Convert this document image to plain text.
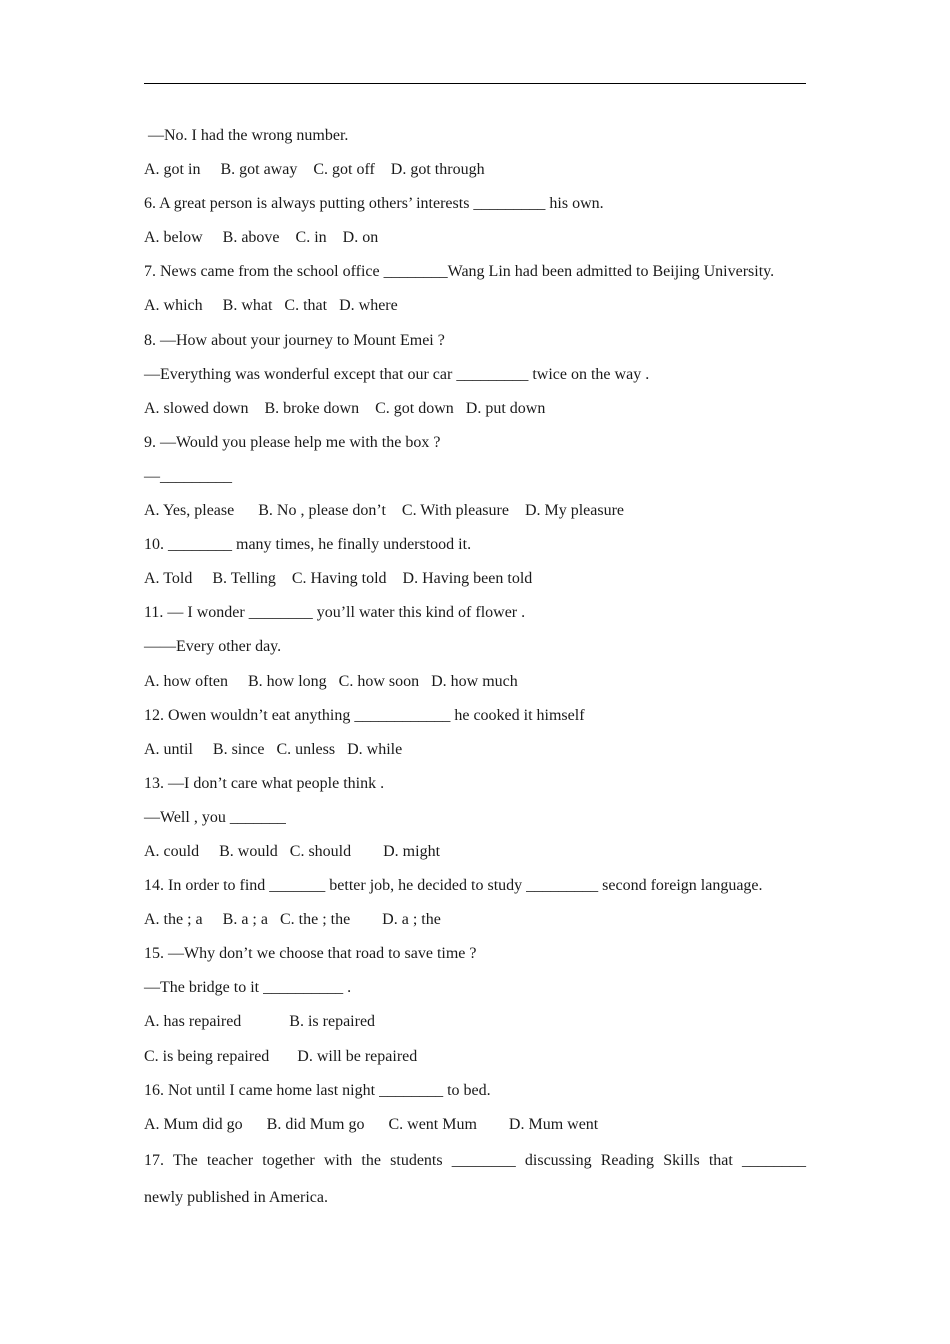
—No. I had the wrong number.
A. got in     B. got away    C. got off    D. got through
6. A great person is always putting others’ interests _________ his own.
A. below     B. above    C. in    D. on
7. News came from the school office ________Wang Lin had been admitted to Beijing University.
A. which     B. what   C. that   D. where
8. —How about your journey to Mount Emei ?
—Everything was wonderful except that our car _________ twice on the way .
A. slowed down    B. broke down    C. got down   D. put down
9. —Would you please help me with the box ?
—_________
A. Yes, please      B. No , please don’t    C. With pleasure    D. My pleasure
10. ________ many times, he finally understood it.
A. Told     B. Telling    C. Having told    D. Having been told
11. — I wonder ________ you’ll water this kind of flower .
——Every other day.
A. how often     B. how long   C. how soon   D. how much
12. Owen wouldn’t eat anything ____________ he cooked it himself
A. until     B. since   C. unless   D. while
13. —I don’t care what people think .
—Well , you _______
A. could     B. would   C. should        D. might
14. In order to find _______ better job, he decided to study _________ second foreign language.
A. the ; a     B. a ; a   C. the ; the        D. a ; the
15. —Why don’t we choose that road to save time ?
—The bridge to it __________ .
A. has repaired            B. is repaired
C. is being repaired       D. will be repaired
16. Not until I came home last night ________ to bed.
A. Mum did go      B. did Mum go      C. went Mum        D. Mum went
17. The teacher together with the students ________ discussing Reading Skills that ________
newly published in America.
